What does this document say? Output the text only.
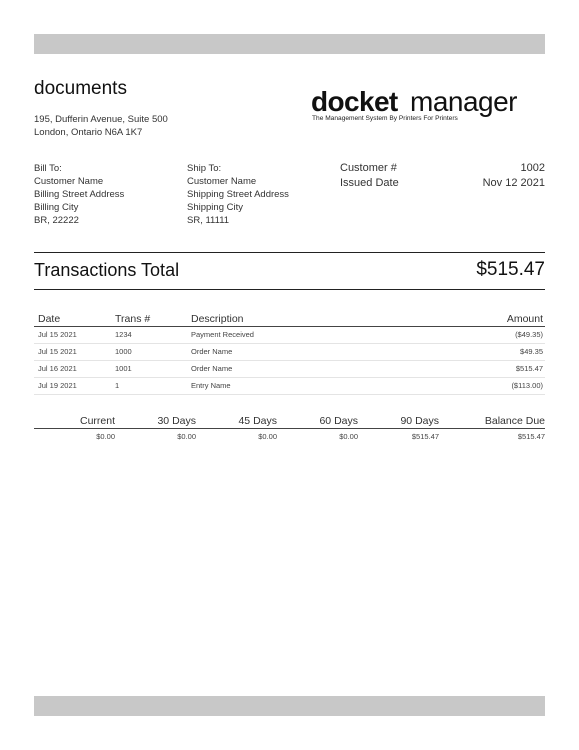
documents
195, Dufferin Avenue, Suite 500
London, Ontario N6A 1K7
docket manager
The Management System By Printers For Printers
Bill To:
Customer Name
Billing Street Address
Billing City
BR, 22222
Ship To:
Customer Name
Shipping Street Address
Shipping City
SR, 11111
Customer #	1002
Issued Date	Nov 12 2021
Transactions Total	$515.47
Date	Trans #	Description	Amount
Jul 15 2021	1234	Payment Received	($49.35)
Jul 15 2021	1000	Order Name	$49.35
Jul 16 2021	1001	Order Name	$515.47
Jul 19 2021	1	Entry Name	($113.00)
Current	30 Days	45 Days	60 Days	90 Days	Balance Due
$0.00	$0.00	$0.00	$0.00	$515.47	$515.47
